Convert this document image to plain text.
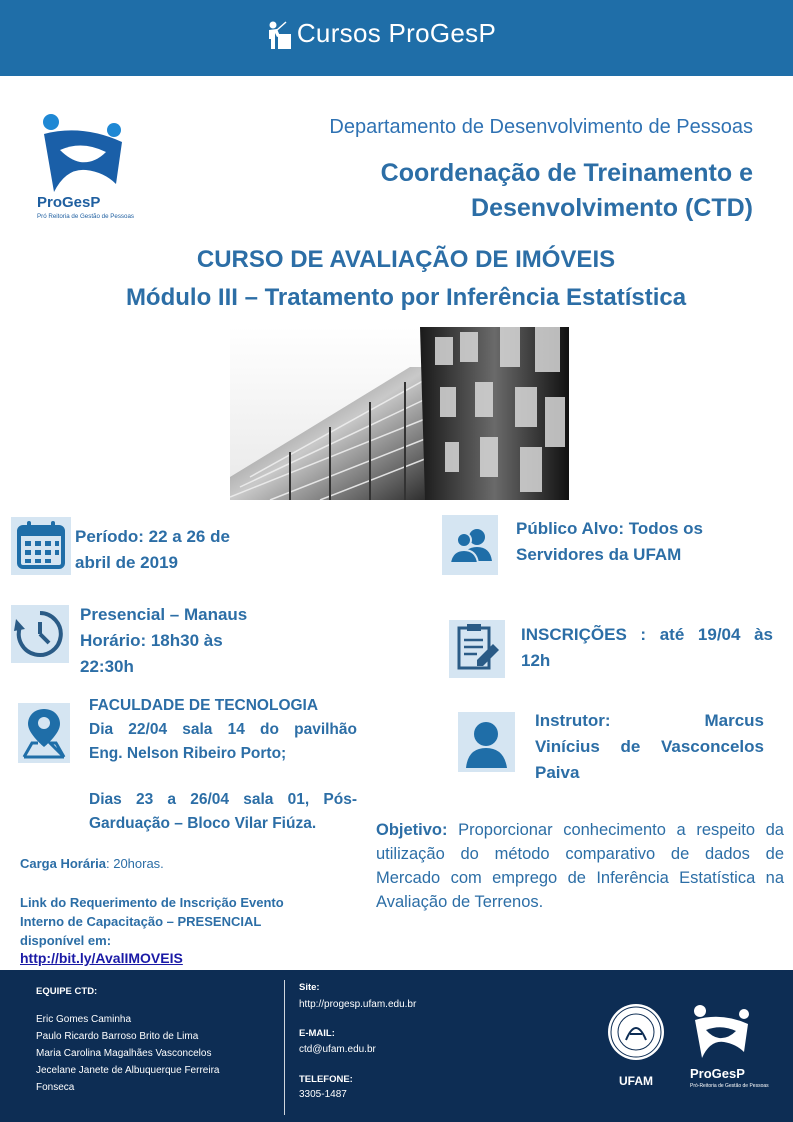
Cursos ProGesP
ProGesP
Pró Reitoria de Gestão de Pessoas
Departamento de Desenvolvimento de Pessoas
Coordenação de Treinamento e
Desenvolvimento (CTD)
CURSO DE AVALIAÇÃO DE IMÓVEIS
Módulo III – Tratamento por Inferência Estatística
Período: 22 a 26 de
abril de 2019
Presencial – Manaus
Horário: 18h30 às
22:30h
FACULDADE DE TECNOLOGIA
Dia 22/04 sala 14 do pavilhão
Eng. Nelson Ribeiro Porto;
Dias 23 a 26/04 sala 01, Pós-
Garduação – Bloco Vilar Fiúza.
Carga Horária: 20horas.
Link do Requerimento de Inscrição Evento
Interno de Capacitação – PRESENCIAL
disponível em:
http://bit.ly/AvalIMOVEIS
Público Alvo: Todos os
Servidores da UFAM
INSCRIÇÕES : até 19/04 às
12h
Instrutor:         Marcus
Vinícius de Vasconcelos
Paiva
Objetivo: Proporcionar conhecimento a respeito da utilização do método comparativo de dados de Mercado com emprego de Inferência Estatística na Avaliação de Terrenos.
EQUIPE CTD:
Eric Gomes Caminha
Paulo Ricardo Barroso Brito de Lima
Maria Carolina Magalhães Vasconcelos
Jecelane Janete de Albuquerque Ferreira
Fonseca
Site:
http://progesp.ufam.edu.br
E-MAIL:
ctd@ufam.edu.br
TELEFONE:
3305-1487
UFAM	ProGesP
Pró-Reitoria de Gestão de Pessoas
